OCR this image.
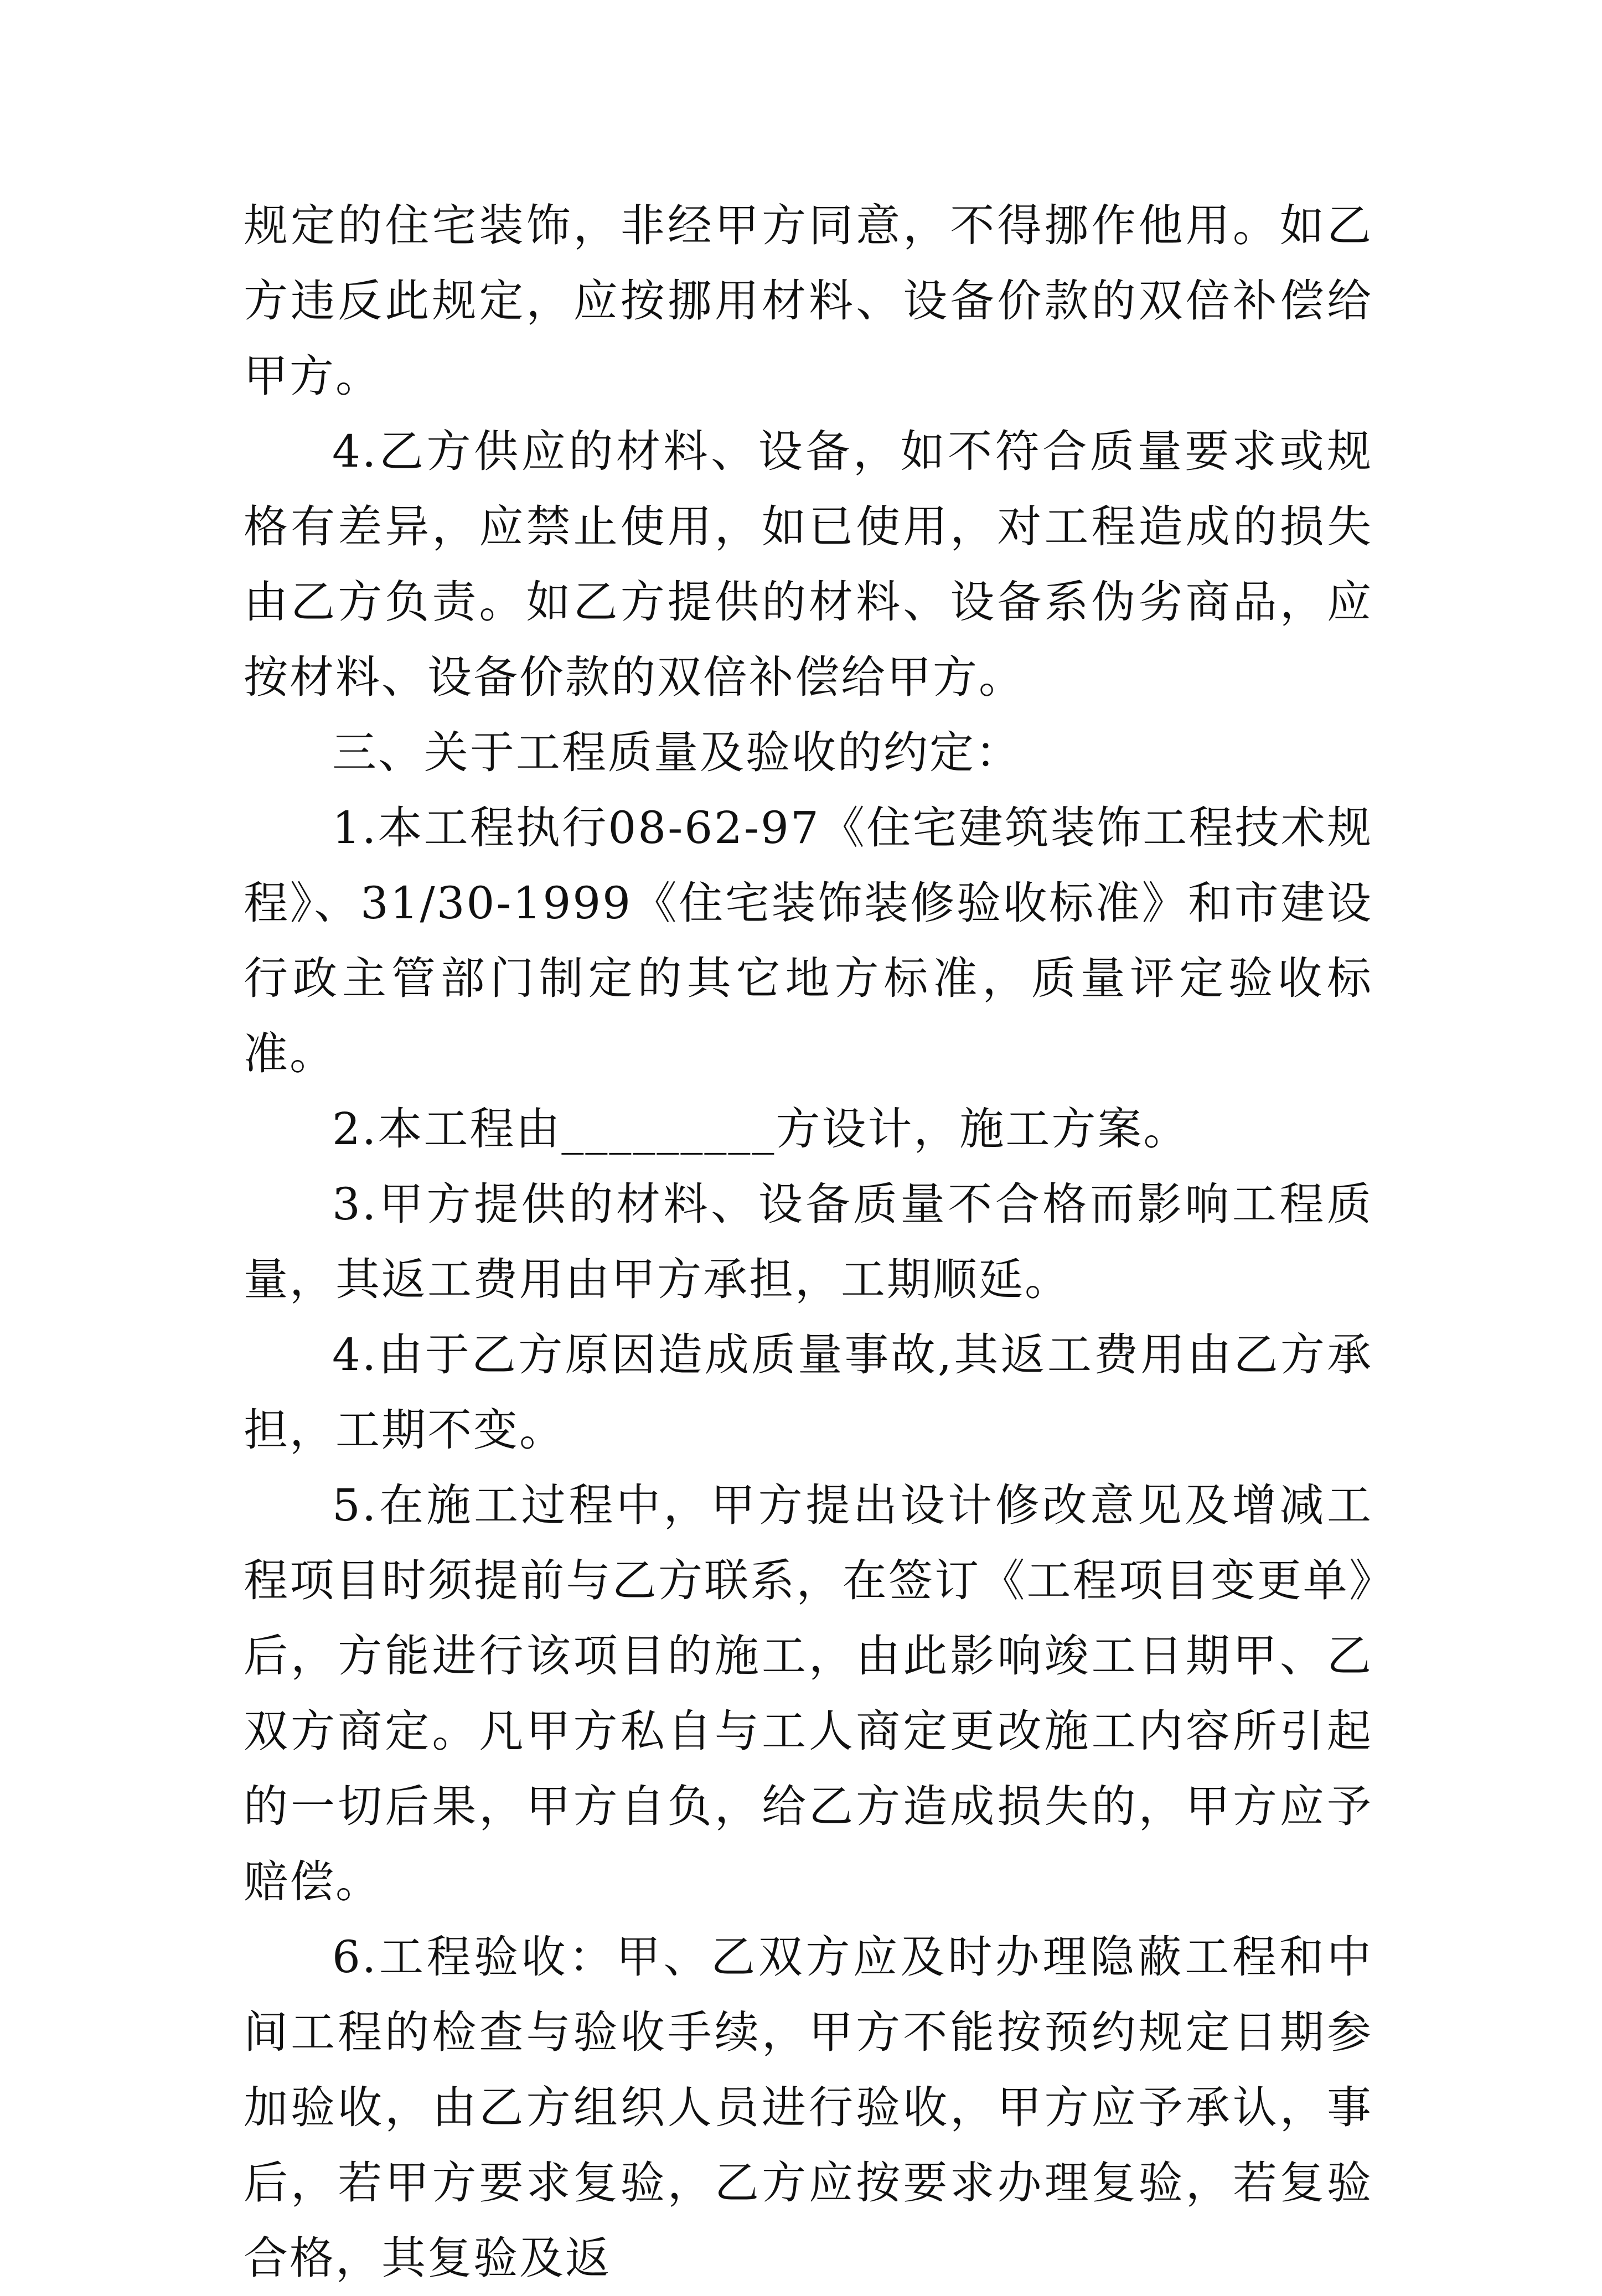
规定的住宅装饰，非经甲方同意，不得挪作他用。如乙方违反此规定，应按挪用材料、设备价款的双倍补偿给甲方。

4.乙方供应的材料、设备，如不符合质量要求或规格有差异，应禁止使用，如已使用，对工程造成的损失由乙方负责。如乙方提供的材料、设备系伪劣商品，应按材料、设备价款的双倍补偿给甲方。

三、关于工程质量及验收的约定：

1.本工程执行08-62-97《住宅建筑装饰工程技术规程》、31/30-1999《住宅装饰装修验收标准》和市建设行政主管部门制定的其它地方标准，质量评定验收标准。

2.本工程由_________方设计，施工方案。

3.甲方提供的材料、设备质量不合格而影响工程质量，其返工费用由甲方承担，工期顺延。

4.由于乙方原因造成质量事故,其返工费用由乙方承担，工期不变。

5.在施工过程中，甲方提出设计修改意见及增减工程项目时须提前与乙方联系，在签订《工程项目变更单》后，方能进行该项目的施工，由此影响竣工日期甲、乙双方商定。凡甲方私自与工人商定更改施工内容所引起的一切后果，甲方自负，给乙方造成损失的，甲方应予赔偿。

6.工程验收：甲、乙双方应及时办理隐蔽工程和中间工程的检查与验收手续，甲方不能按预约规定日期参加验收，由乙方组织人员进行验收，甲方应予承认，事后，若甲方要求复验，乙方应按要求办理复验，若复验合格，其复验及返
